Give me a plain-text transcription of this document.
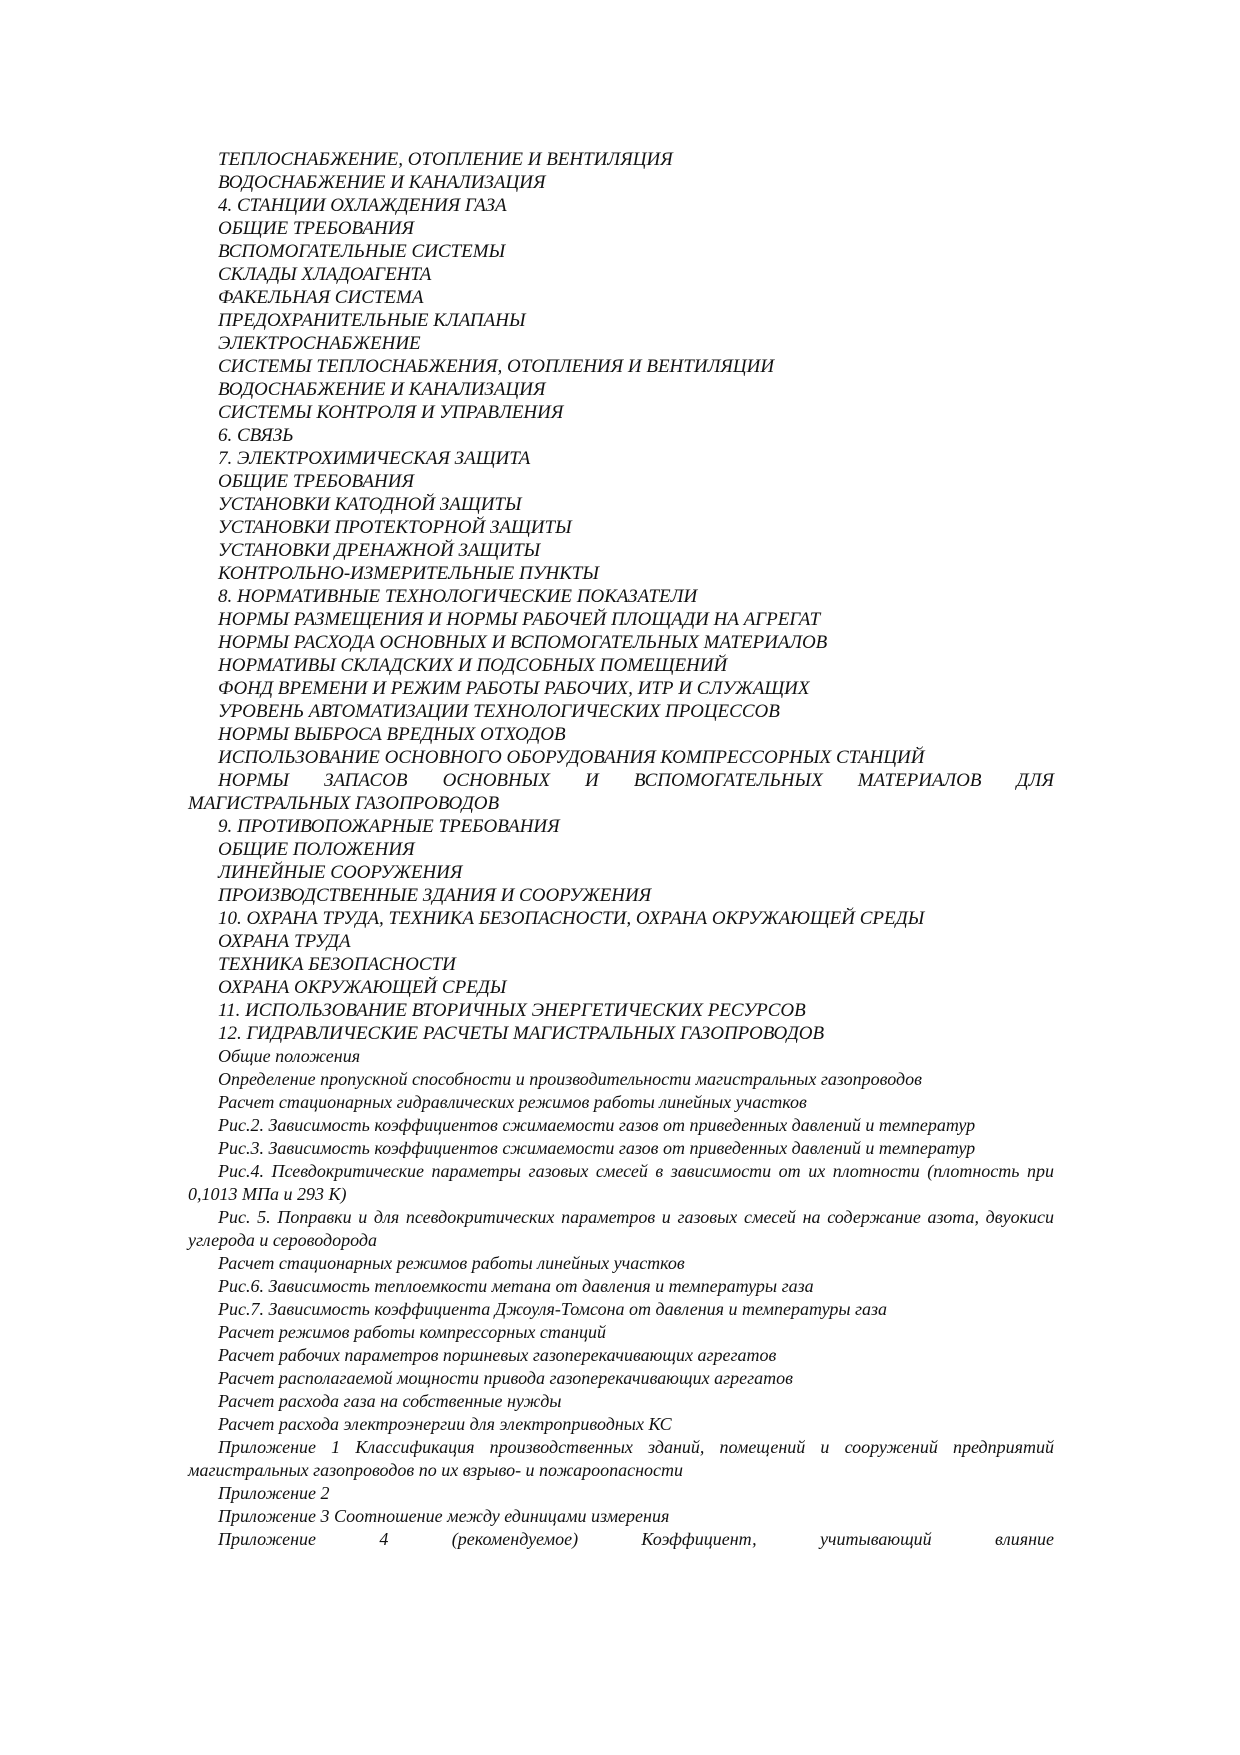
ТЕПЛОСНАБЖЕНИЕ, ОТОПЛЕНИЕ И ВЕНТИЛЯЦИЯ
ВОДОСНАБЖЕНИЕ И КАНАЛИЗАЦИЯ
4. СТАНЦИИ ОХЛАЖДЕНИЯ ГАЗА
ОБЩИЕ ТРЕБОВАНИЯ
ВСПОМОГАТЕЛЬНЫЕ СИСТЕМЫ
СКЛАДЫ ХЛАДОАГЕНТА
ФАКЕЛЬНАЯ СИСТЕМА
ПРЕДОХРАНИТЕЛЬНЫЕ КЛАПАНЫ
ЭЛЕКТРОСНАБЖЕНИЕ
СИСТЕМЫ ТЕПЛОСНАБЖЕНИЯ, ОТОПЛЕНИЯ И ВЕНТИЛЯЦИИ
ВОДОСНАБЖЕНИЕ И КАНАЛИЗАЦИЯ
СИСТЕМЫ КОНТРОЛЯ И УПРАВЛЕНИЯ
6. СВЯЗЬ
7. ЭЛЕКТРОХИМИЧЕСКАЯ ЗАЩИТА
ОБЩИЕ ТРЕБОВАНИЯ
УСТАНОВКИ КАТОДНОЙ ЗАЩИТЫ
УСТАНОВКИ ПРОТЕКТОРНОЙ ЗАЩИТЫ
УСТАНОВКИ ДРЕНАЖНОЙ ЗАЩИТЫ
КОНТРОЛЬНО-ИЗМЕРИТЕЛЬНЫЕ ПУНКТЫ
8. НОРМАТИВНЫЕ ТЕХНОЛОГИЧЕСКИЕ ПОКАЗАТЕЛИ
НОРМЫ РАЗМЕЩЕНИЯ И НОРМЫ РАБОЧЕЙ ПЛОЩАДИ НА АГРЕГАТ
НОРМЫ РАСХОДА ОСНОВНЫХ И ВСПОМОГАТЕЛЬНЫХ МАТЕРИАЛОВ
НОРМАТИВЫ СКЛАДСКИХ И ПОДСОБНЫХ ПОМЕЩЕНИЙ
ФОНД ВРЕМЕНИ И РЕЖИМ РАБОТЫ РАБОЧИХ, ИТР И СЛУЖАЩИХ
УРОВЕНЬ АВТОМАТИЗАЦИИ ТЕХНОЛОГИЧЕСКИХ ПРОЦЕССОВ
НОРМЫ ВЫБРОСА ВРЕДНЫХ ОТХОДОВ
ИСПОЛЬЗОВАНИЕ ОСНОВНОГО ОБОРУДОВАНИЯ КОМПРЕССОРНЫХ СТАНЦИЙ
НОРМЫ ЗАПАСОВ ОСНОВНЫХ И ВСПОМОГАТЕЛЬНЫХ МАТЕРИАЛОВ ДЛЯ
МАГИСТРАЛЬНЫХ ГАЗОПРОВОДОВ
9. ПРОТИВОПОЖАРНЫЕ ТРЕБОВАНИЯ
ОБЩИЕ ПОЛОЖЕНИЯ
ЛИНЕЙНЫЕ СООРУЖЕНИЯ
ПРОИЗВОДСТВЕННЫЕ ЗДАНИЯ И СООРУЖЕНИЯ
10. ОХРАНА ТРУДА, ТЕХНИКА БЕЗОПАСНОСТИ, ОХРАНА ОКРУЖАЮЩЕЙ СРЕДЫ
ОХРАНА ТРУДА
ТЕХНИКА БЕЗОПАСНОСТИ
ОХРАНА ОКРУЖАЮЩЕЙ СРЕДЫ
11. ИСПОЛЬЗОВАНИЕ ВТОРИЧНЫХ ЭНЕРГЕТИЧЕСКИХ РЕСУРСОВ
12. ГИДРАВЛИЧЕСКИЕ РАСЧЕТЫ МАГИСТРАЛЬНЫХ ГАЗОПРОВОДОВ
Общие положения
Определение пропускной способности и производительности магистральных газопроводов
Расчет стационарных гидравлических режимов работы линейных участков
Рис.2. Зависимость коэффициентов сжимаемости газов от приведенных давлений и температур
Рис.3. Зависимость коэффициентов сжимаемости газов от приведенных давлений и температур
Рис.4. Псевдокритические параметры газовых смесей в зависимости от их плотности (плотность при 0,1013 МПа и 293 К)
Рис. 5. Поправки и для псевдокритических параметров и газовых смесей на содержание азота, двуокиси углерода и сероводорода
Расчет стационарных режимов работы линейных участков
Рис.6. Зависимость теплоемкости метана от давления и температуры газа
Рис.7. Зависимость коэффициента Джоуля-Томсона от давления и температуры газа
Расчет режимов работы компрессорных станций
Расчет рабочих параметров поршневых газоперекачивающих агрегатов
Расчет располагаемой мощности привода газоперекачивающих агрегатов
Расчет расхода газа на собственные нужды
Расчет расхода электроэнергии для электроприводных КС
Приложение 1 Классификация производственных зданий, помещений и сооружений предприятий магистральных газопроводов по их взрыво- и пожароопасности
Приложение 2
Приложение 3 Соотношение между единицами измерения
Приложение 4 (рекомендуемое) Коэффициент, учитывающий влияние
